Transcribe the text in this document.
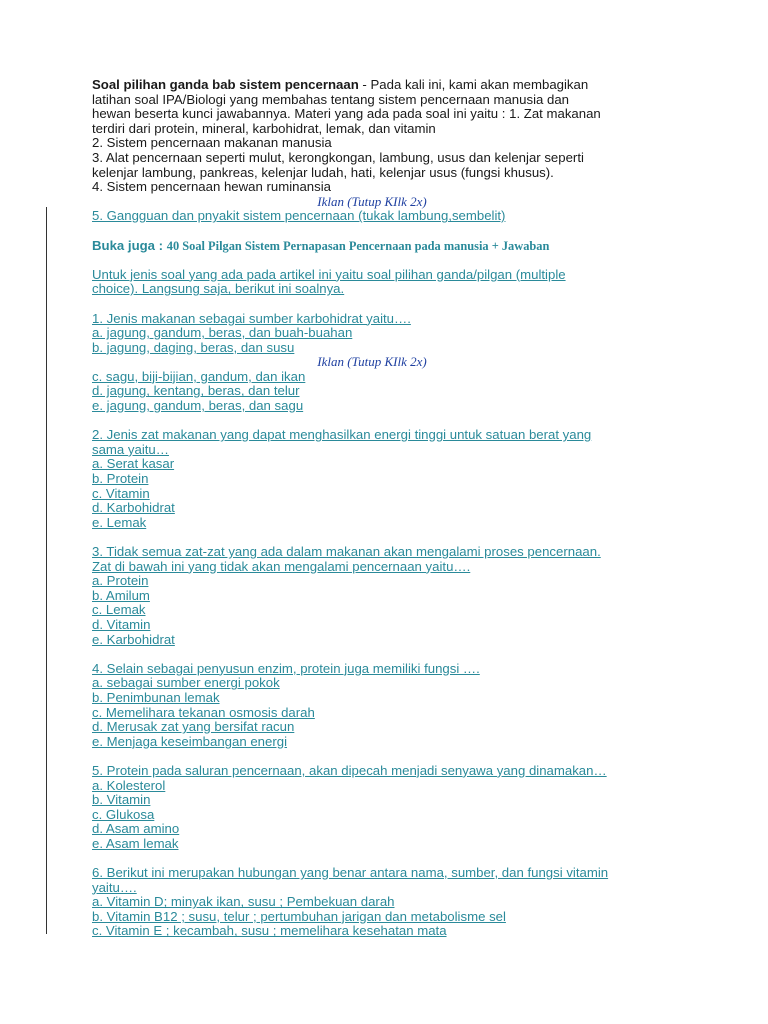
Soal pilihan ganda bab sistem pencernaan - Pada kali ini, kami akan membagikan
latihan soal IPA/Biologi yang membahas tentang sistem pencernaan manusia dan
hewan beserta kunci jawabannya. Materi yang ada pada soal ini yaitu : 1. Zat makanan
terdiri dari protein, mineral, karbohidrat, lemak, dan vitamin
2. Sistem pencernaan makanan manusia
3. Alat pencernaan seperti mulut, kerongkongan, lambung, usus dan kelenjar seperti
kelenjar lambung, pankreas, kelenjar ludah, hati, kelenjar usus (fungsi khusus).
4. Sistem pencernaan hewan ruminansia
Iklan (Tutup KIlk 2x)
5. Gangguan dan pnyakit sistem pencernaan (tukak lambung,sembelit)
Buka juga : 40 Soal Pilgan Sistem Pernapasan Pencernaan pada manusia + Jawaban
Untuk jenis soal yang ada pada artikel ini yaitu soal pilihan ganda/pilgan (multiple
choice). Langsung saja, berikut ini soalnya.
1. Jenis makanan sebagai sumber karbohidrat yaitu….
a. jagung, gandum, beras, dan buah-buahan
b. jagung, daging, beras, dan susu
Iklan (Tutup KIlk 2x)
c. sagu, biji-bijian, gandum, dan ikan
d. jagung, kentang, beras, dan telur
e. jagung, gandum, beras, dan sagu
2. Jenis zat makanan yang dapat menghasilkan energi tinggi untuk satuan berat yang
sama yaitu…
a. Serat kasar
b. Protein
c. Vitamin
d. Karbohidrat
e. Lemak
3. Tidak semua zat-zat yang ada dalam makanan akan mengalami proses pencernaan.
Zat di bawah ini yang tidak akan mengalami pencernaan yaitu….
a. Protein
b. Amilum
c. Lemak
d. Vitamin
e. Karbohidrat
4. Selain sebagai penyusun enzim, protein juga memiliki fungsi ….
a. sebagai sumber energi pokok
b. Penimbunan lemak
c. Memelihara tekanan osmosis darah
d. Merusak zat yang bersifat racun
e. Menjaga keseimbangan energi
5. Protein pada saluran pencernaan, akan dipecah menjadi senyawa yang dinamakan…
a. Kolesterol
b. Vitamin
c. Glukosa
d. Asam amino
e. Asam lemak
6. Berikut ini merupakan hubungan yang benar antara nama, sumber, dan fungsi vitamin
yaitu….
a. Vitamin D; minyak ikan, susu ; Pembekuan darah
b. Vitamin B12 ; susu, telur ; pertumbuhan jarigan dan metabolisme sel
c. Vitamin E ; kecambah, susu ; memelihara kesehatan mata
